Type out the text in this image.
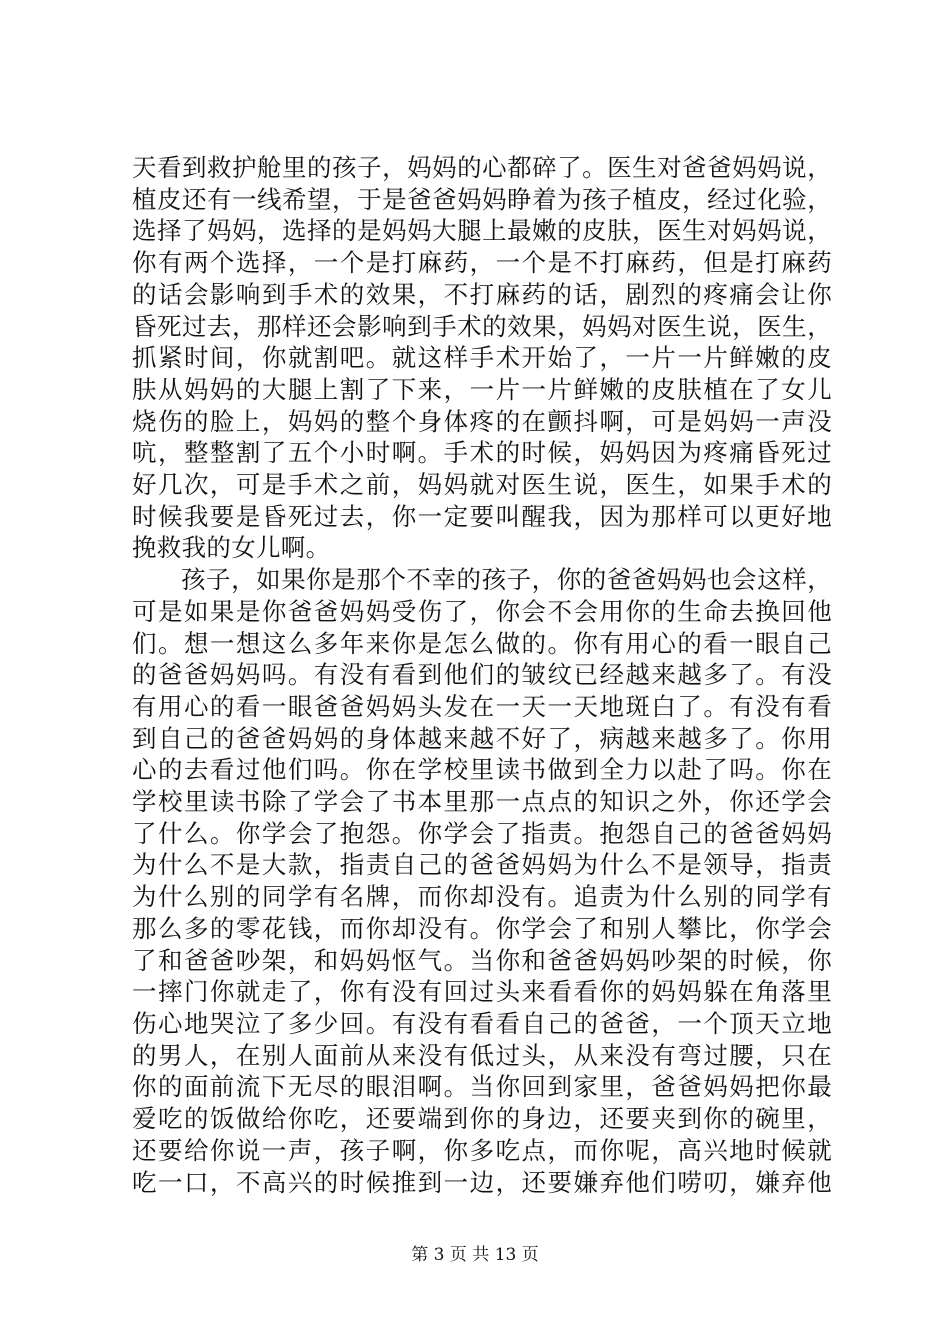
天看到救护舱里的孩子，妈妈的心都碎了。医生对爸爸妈妈说，
植皮还有一线希望，于是爸爸妈妈睁着为孩子植皮，经过化验，
选择了妈妈，选择的是妈妈大腿上最嫩的皮肤，医生对妈妈说，
你有两个选择，一个是打麻药，一个是不打麻药，但是打麻药
的话会影响到手术的效果，不打麻药的话，剧烈的疼痛会让你
昏死过去，那样还会影响到手术的效果，妈妈对医生说，医生，
抓紧时间，你就割吧。就这样手术开始了，一片一片鲜嫩的皮
肤从妈妈的大腿上割了下来，一片一片鲜嫩的皮肤植在了女儿
烧伤的脸上，妈妈的整个身体疼的在颤抖啊，可是妈妈一声没
吭，整整割了五个小时啊。手术的时候，妈妈因为疼痛昏死过
好几次，可是手术之前，妈妈就对医生说，医生，如果手术的
时候我要是昏死过去，你一定要叫醒我，因为那样可以更好地
挽救我的女儿啊。
孩子，如果你是那个不幸的孩子，你的爸爸妈妈也会这样，
可是如果是你爸爸妈妈受伤了，你会不会用你的生命去换回他
们。想一想这么多年来你是怎么做的。你有用心的看一眼自己
的爸爸妈妈吗。有没有看到他们的皱纹已经越来越多了。有没
有用心的看一眼爸爸妈妈头发在一天一天地斑白了。有没有看
到自己的爸爸妈妈的身体越来越不好了，病越来越多了。你用
心的去看过他们吗。你在学校里读书做到全力以赴了吗。你在
学校里读书除了学会了书本里那一点点的知识之外，你还学会
了什么。你学会了抱怨。你学会了指责。抱怨自己的爸爸妈妈
为什么不是大款，指责自己的爸爸妈妈为什么不是领导，指责
为什么别的同学有名牌，而你却没有。追责为什么别的同学有
那么多的零花钱，而你却没有。你学会了和别人攀比，你学会
了和爸爸吵架，和妈妈怄气。当你和爸爸妈妈吵架的时候，你
一摔门你就走了，你有没有回过头来看看你的妈妈躲在角落里
伤心地哭泣了多少回。有没有看看自己的爸爸，一个顶天立地
的男人，在别人面前从来没有低过头，从来没有弯过腰，只在
你的面前流下无尽的眼泪啊。当你回到家里，爸爸妈妈把你最
爱吃的饭做给你吃，还要端到你的身边，还要夹到你的碗里，
还要给你说一声，孩子啊，你多吃点，而你呢，高兴地时候就
吃一口，不高兴的时候推到一边，还要嫌弃他们唠叨，嫌弃他
第 3 页 共 13 页
